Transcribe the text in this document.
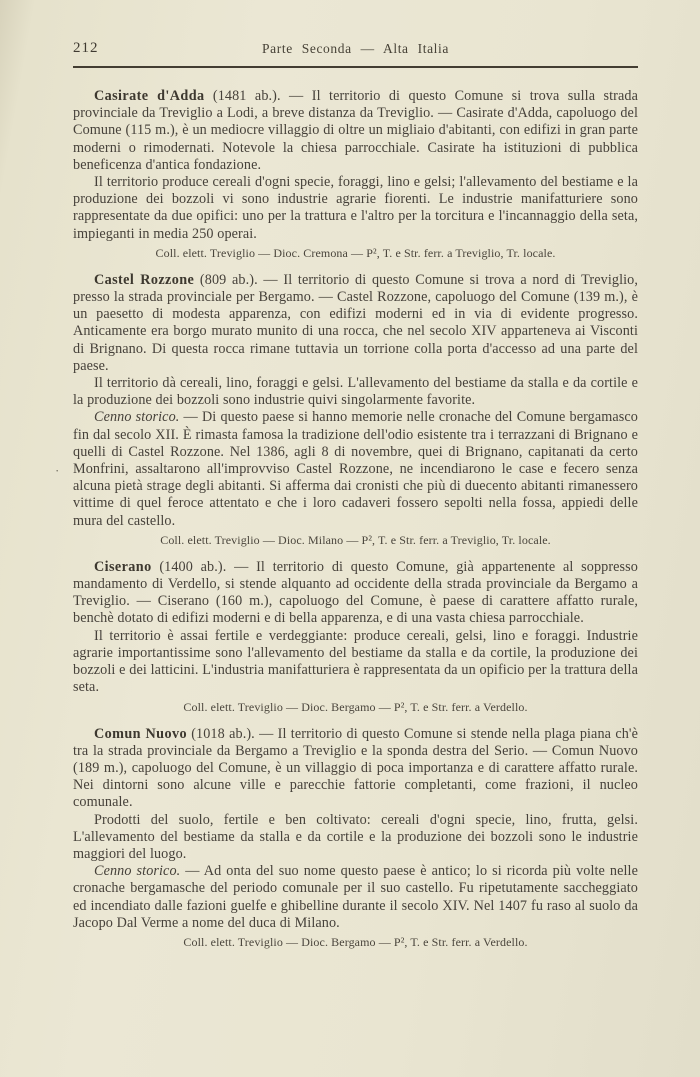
212	Parte Seconda — Alta Italia
·

Casirate d'Adda (1481 ab.). — Il territorio di questo Comune si trova sulla strada provinciale da Treviglio a Lodi, a breve distanza da Treviglio. — Casirate d'Adda, capoluogo del Comune (115 m.), è un mediocre villaggio di oltre un migliaio d'abitanti, con edifizi in gran parte moderni o rimodernati. Notevole la chiesa parrocchiale. Casirate ha istituzioni di pubblica beneficenza d'antica fondazione.

Il territorio produce cereali d'ogni specie, foraggi, lino e gelsi; l'allevamento del bestiame e la produzione dei bozzoli vi sono industrie agrarie fiorenti. Le industrie manifatturiere sono rappresentate da due opifici: uno per la trattura e l'altro per la torcitura e l'incannaggio della seta, impieganti in media 250 operai.

Coll. elett. Treviglio — Dioc. Cremona — P², T. e Str. ferr. a Treviglio, Tr. locale.

Castel Rozzone (809 ab.). — Il territorio di questo Comune si trova a nord di Treviglio, presso la strada provinciale per Bergamo. — Castel Rozzone, capoluogo del Comune (139 m.), è un paesetto di modesta apparenza, con edifizi moderni ed in via di evidente progresso. Anticamente era borgo murato munito di una rocca, che nel secolo XIV apparteneva ai Visconti di Brignano. Di questa rocca rimane tuttavia un torrione colla porta d'accesso ad una parte del paese.

Il territorio dà cereali, lino, foraggi e gelsi. L'allevamento del bestiame da stalla e da cortile e la produzione dei bozzoli sono industrie quivi singolarmente favorite.

Cenno storico. — Di questo paese si hanno memorie nelle cronache del Comune bergamasco fin dal secolo XII. È rimasta famosa la tradizione dell'odio esistente tra i terrazzani di Brignano e quelli di Castel Rozzone. Nel 1386, agli 8 di novembre, quei di Brignano, capitanati da certo Monfrini, assaltarono all'improvviso Castel Rozzone, ne incendiarono le case e fecero senza alcuna pietà strage degli abitanti. Si afferma dai cronisti che più di duecento abitanti rimanessero vittime di quel feroce attentato e che i loro cadaveri fossero sepolti nella fossa, appiedi delle mura del castello.

Coll. elett. Treviglio — Dioc. Milano — P², T. e Str. ferr. a Treviglio, Tr. locale.

Ciserano (1400 ab.). — Il territorio di questo Comune, già appartenente al soppresso mandamento di Verdello, si stende alquanto ad occidente della strada provinciale da Bergamo a Treviglio. — Ciserano (160 m.), capoluogo del Comune, è paese di carattere affatto rurale, benchè dotato di edifizi moderni e di bella apparenza, e di una vasta chiesa parrocchiale.

Il territorio è assai fertile e verdeggiante: produce cereali, gelsi, lino e foraggi. Industrie agrarie importantissime sono l'allevamento del bestiame da stalla e da cortile, la produzione dei bozzoli e dei latticini. L'industria manifatturiera è rappresentata da un opificio per la trattura della seta.

Coll. elett. Treviglio — Dioc. Bergamo — P², T. e Str. ferr. a Verdello.

Comun Nuovo (1018 ab.). — Il territorio di questo Comune si stende nella plaga piana ch'è tra la strada provinciale da Bergamo a Treviglio e la sponda destra del Serio. — Comun Nuovo (189 m.), capoluogo del Comune, è un villaggio di poca importanza e di carattere affatto rurale. Nei dintorni sono alcune ville e parecchie fattorie completanti, come frazioni, il nucleo comunale.

Prodotti del suolo, fertile e ben coltivato: cereali d'ogni specie, lino, frutta, gelsi. L'allevamento del bestiame da stalla e da cortile e la produzione dei bozzoli sono le industrie maggiori del luogo.

Cenno storico. — Ad onta del suo nome questo paese è antico; lo si ricorda più volte nelle cronache bergamasche del periodo comunale per il suo castello. Fu ripetutamente saccheggiato ed incendiato dalle fazioni guelfe e ghibelline durante il secolo XIV. Nel 1407 fu raso al suolo da Jacopo Dal Verme a nome del duca di Milano.

Coll. elett. Treviglio — Dioc. Bergamo — P², T. e Str. ferr. a Verdello.
